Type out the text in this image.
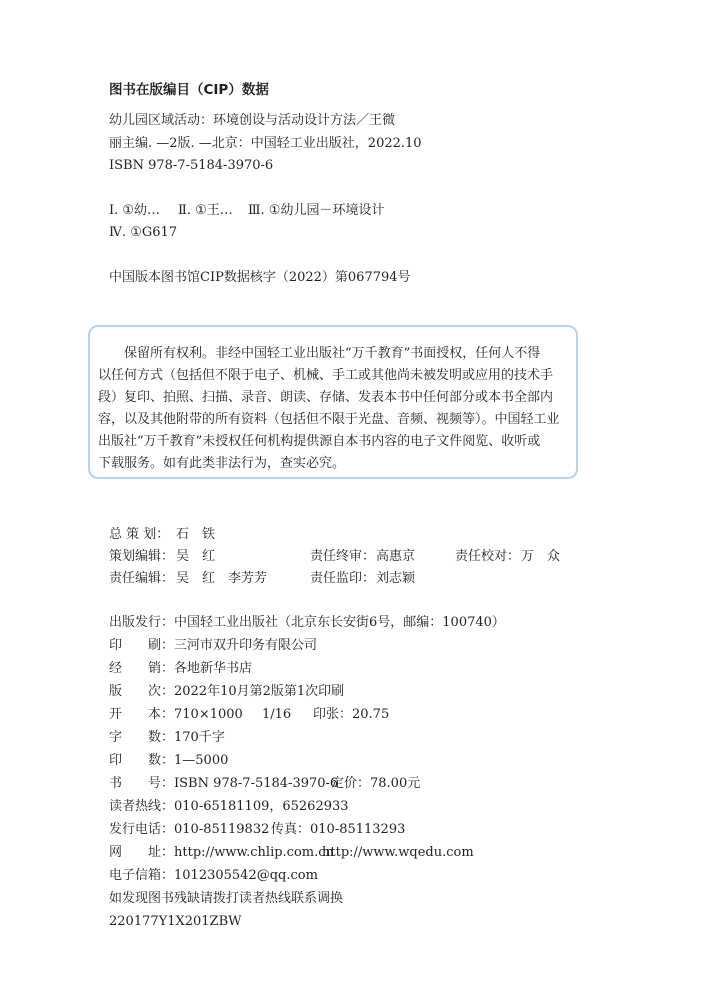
图书在版编目（CIP）数据
幼儿园区域活动：环境创设与活动设计方法／王微
丽主编. —2版. —北京：中国轻工业出版社，2022.10
ISBN 978-7-5184-3970-6
Ⅰ. ①幼… Ⅱ. ①王… Ⅲ. ①幼儿园－环境设计
Ⅳ. ①G617
中国版本图书馆CIP数据核字（2022）第067794号
保留所有权利。非经中国轻工业出版社“万千教育”书面授权，任何人不得
以任何方式（包括但不限于电子、机械、手工或其他尚未被发明或应用的技术手
段）复印、拍照、扫描、录音、朗读、存储、发表本书中任何部分或本书全部内
容，以及其他附带的所有资料（包括但不限于光盘、音频、视频等）。中国轻工业
出版社“万千教育”未授权任何机构提供源自本书内容的电子文件阅览、收听或
下载服务。如有此类非法行为，查实必究。
总 策 划： 石　铁
策划编辑： 吴　红	责任终审： 高惠京	责任校对： 万　众
责任编辑： 吴　红　李芳芳	责任监印： 刘志颖
出版发行： 中国轻工业出版社（北京东长安街6号，邮编：100740）
印　　刷： 三河市双升印务有限公司
经　　销： 各地新华书店
版　　次： 2022年10月第2版第1次印刷
开　　本： 710×1000 1/16 印张： 20.75
字　　数： 170千字
印　　数： 1—5000
书　　号： ISBN 978-7-5184-3970-6
定价： 78.00元
读者热线： 010-65181109，65262933
发行电话： 010-85119832 传真： 010-85113293
网　　址： http://www.chlip.com.cn
http://www.wqedu.com
电子信箱： 1012305542@qq.com
如发现图书残缺请拨打读者热线联系调换
220177Y1X201ZBW
